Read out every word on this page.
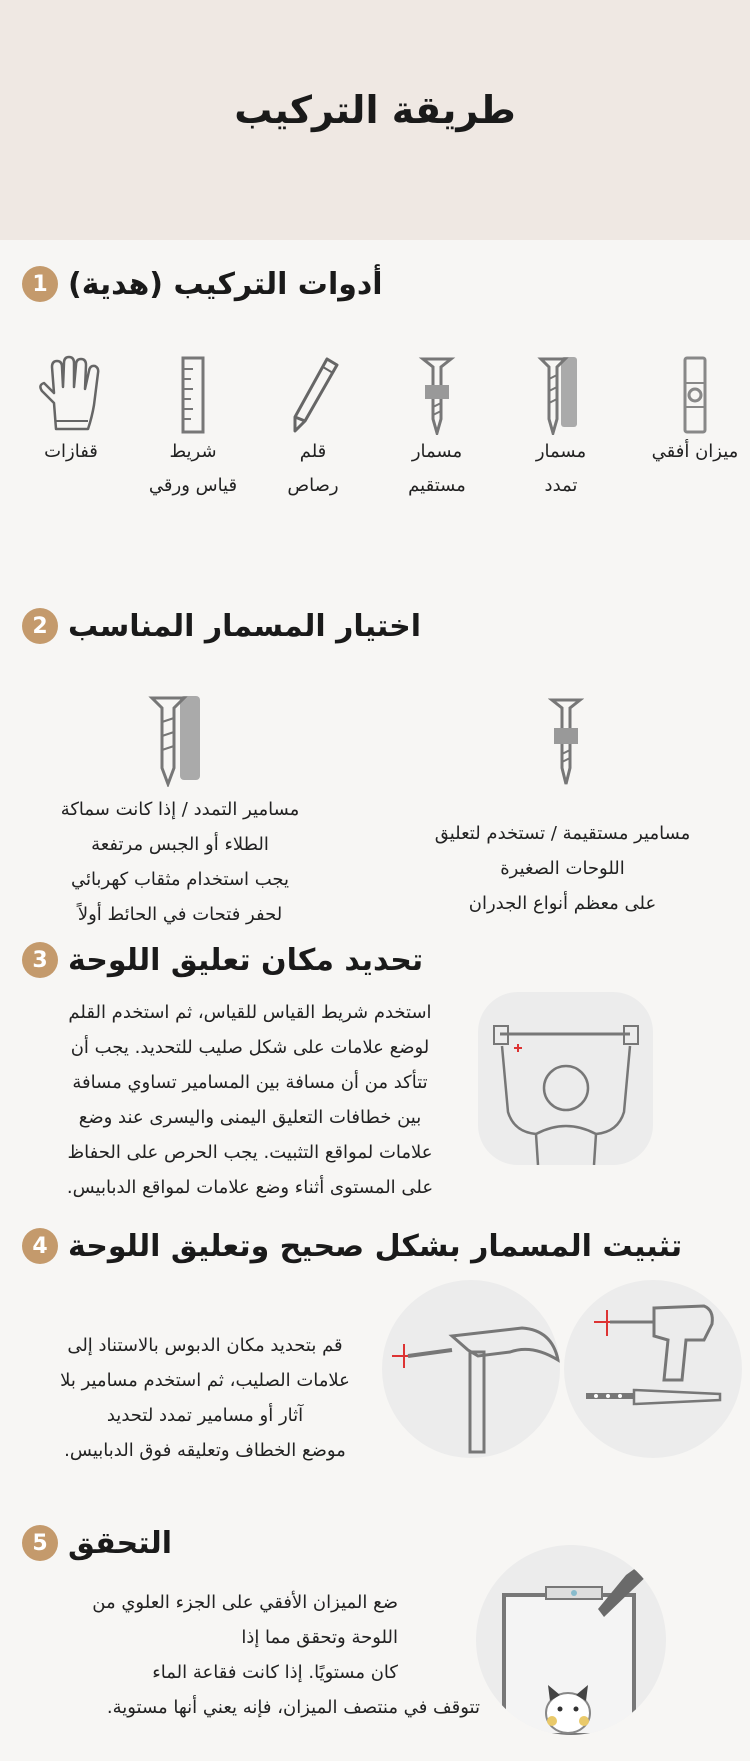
طريقة التركيب
1 أدوات التركيب (هدية)
ميزان أفقي
مسمار
تمدد
مسمار
مستقيم
قلم
رصاص
شريط
قياس ورقي
قفازات
2 اختيار المسمار المناسب

مسامير التمدد / إذا كانت سماكة

الطلاء أو الجبس مرتفعة

يجب استخدام مثقاب كهربائي

لحفر فتحات في الحائط أولاً

مسامير مستقيمة / تستخدم لتعليق

اللوحات الصغيرة

على معظم أنواع الجدران

3 تحديد مكان تعليق اللوحة

استخدم شريط القياس للقياس، ثم استخدم القلم

لوضع علامات على شكل صليب للتحديد. يجب أن

تتأكد من أن مسافة بين المسامير تساوي مسافة

بين خطافات التعليق اليمنى واليسرى عند وضع

علامات لمواقع التثبيت. يجب الحرص على الحفاظ

على المستوى أثناء وضع علامات لمواقع الدبابيس.

4 تثبيت المسمار بشكل صحيح وتعليق اللوحة

قم بتحديد مكان الدبوس بالاستناد إلى

علامات الصليب، ثم استخدم مسامير بلا

آثار أو مسامير تمدد لتحديد

موضع الخطاف وتعليقه فوق الدبابيس.

5 التحقق

ضع الميزان الأفقي على الجزء العلوي من

اللوحة وتحقق مما إذا

كان مستويًا. إذا كانت فقاعة الماء

تتوقف في منتصف الميزان، فإنه يعني أنها مستوية.
